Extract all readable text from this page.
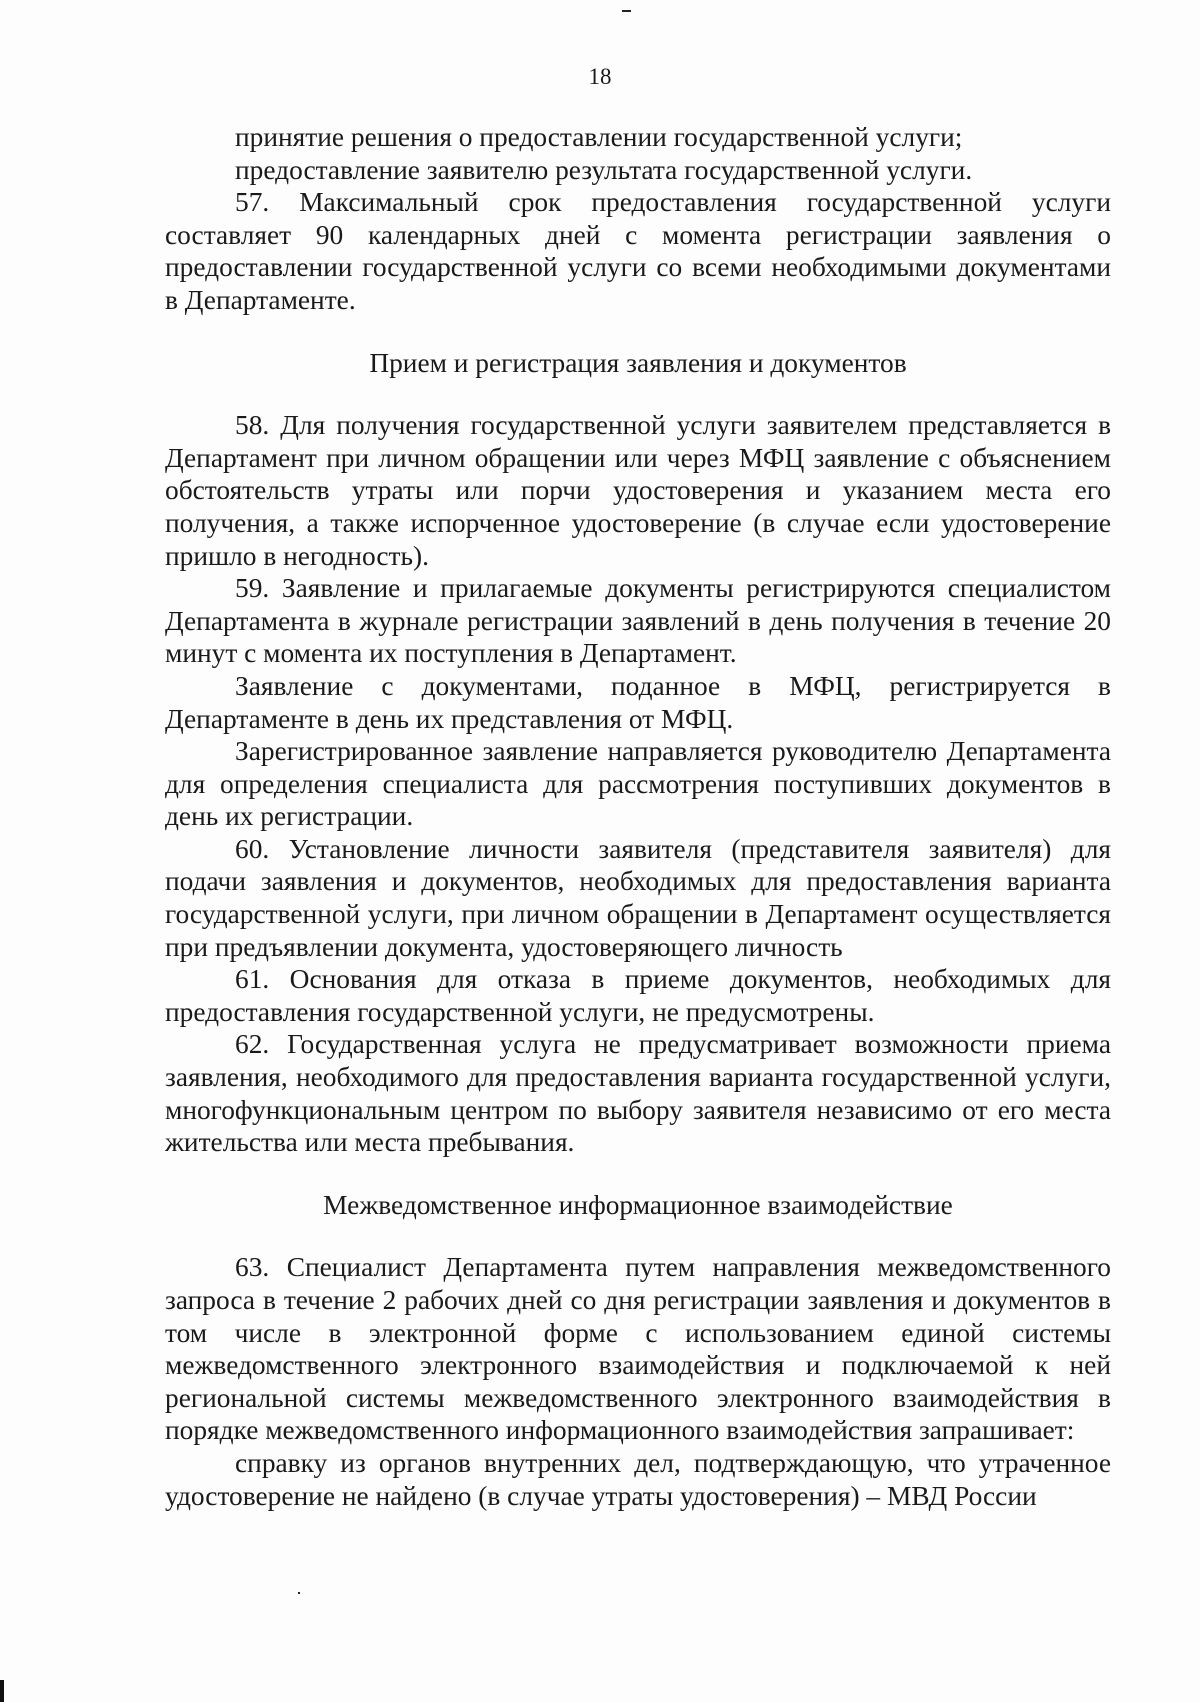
18

принятие решения о предоставлении государственной услуги;

предоставление заявителю результата государственной услуги.

57. Максимальный срок предоставления государственной услуги составляет 90 календарных дней с момента регистрации заявления о предоставлении государственной услуги со всеми необходимыми документами в Департаменте.

Прием и регистрация заявления и документов

58. Для получения государственной услуги заявителем представляется в Департамент при личном обращении или через МФЦ заявление с объяснением обстоятельств утраты или порчи удостоверения и указанием места его получения, а также испорченное удостоверение (в случае если удостоверение пришло в негодность).

59. Заявление и прилагаемые документы регистрируются специалистом Департамента в журнале регистрации заявлений в день получения в течение 20 минут с момента их поступления в Департамент.

Заявление с документами, поданное в МФЦ, регистрируется в Департаменте в день их представления от МФЦ.

Зарегистрированное заявление направляется руководителю Департамента для определения специалиста для рассмотрения поступивших документов в день их регистрации.

60. Установление личности заявителя (представителя заявителя) для подачи заявления и документов, необходимых для предоставления варианта государственной услуги, при личном обращении в Департамент осуществляется при предъявлении документа, удостоверяющего личность

61. Основания для отказа в приеме документов, необходимых для предоставления государственной услуги, не предусмотрены.

62. Государственная услуга не предусматривает возможности приема заявления, необходимого для предоставления варианта государственной услуги, многофункциональным центром по выбору заявителя независимо от его места жительства или места пребывания.

Межведомственное информационное взаимодействие

63. Специалист Департамента путем направления межведомственного запроса в течение 2 рабочих дней со дня регистрации заявления и документов в том числе в электронной форме с использованием единой системы межведомственного электронного взаимодействия и подключаемой к ней региональной системы межведомственного электронного взаимодействия в порядке межведомственного информационного взаимодействия запрашивает:

справку из органов внутренних дел, подтверждающую, что утраченное удостоверение не найдено (в случае утраты удостоверения) – МВД России
